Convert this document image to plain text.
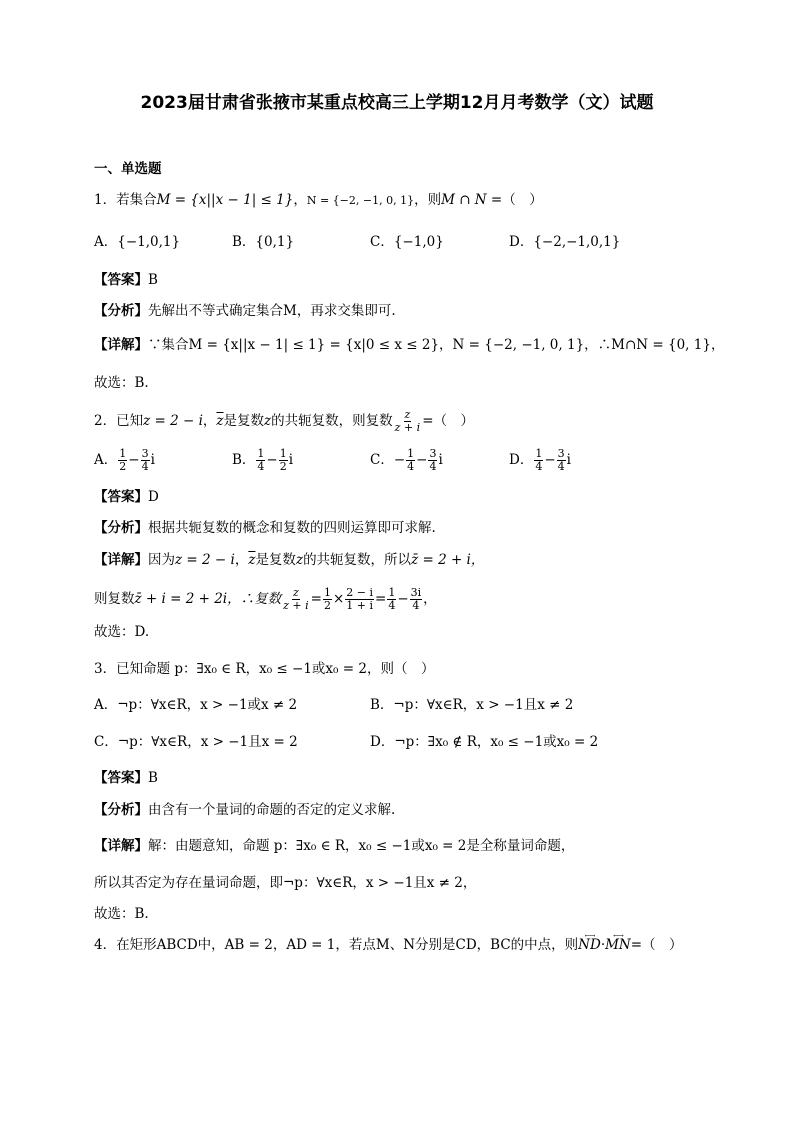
2023届甘肃省张掖市某重点校高三上学期12月月考数学（文）试题
一、单选题
1．若集合M = {x||x − 1| ≤ 1}，N = {−2, −1, 0, 1}，则M ∩ N =（　）
A．{−1,0,1}	B．{0,1}	C．{−1,0}	D．{−2,−1,0,1}
【答案】B
【分析】先解出不等式确定集合M，再求交集即可.
【详解】∵集合M = {x||x − 1| ≤ 1} = {x|0 ≤ x ≤ 2}，N = {−2, −1, 0, 1}，∴M∩N = {0, 1}，
故选：B.
2．已知z = 2 − i，$\overline{z}$是复数z的共轭复数，则复数 $\frac{z}{z + i}$ =（　）
A． $\frac{1}{2} - \frac{3}{4}$ i	B． $\frac{1}{4} - \frac{1}{2}$ i	C．− $\frac{1}{4} - \frac{3}{4}$ i	D． $\frac{1}{4} - \frac{3}{4}$ i
【答案】D
【分析】根据共轭复数的概念和复数的四则运算即可求解.
【详解】因为z = 2 − i，$\overline{z}$是复数z的共轭复数，所以z̄ = 2 + i，
则复数z̄ + i = 2 + 2i，∴复数 $\frac{z}{z + i} = \frac{1}{2} \times \frac{2 - i}{1 + i} = \frac{1}{4} - \frac{3i}{4}$ ，
故选：D.
3．已知命题 p：∃x₀ ∈ R，x₀ ≤ −1或x₀ = 2，则（　）
A．¬p：∀x∈R，x > −1或x ≠ 2	B．¬p：∀x∈R，x > −1且x ≠ 2
C．¬p：∀x∈R，x > −1且x = 2	D．¬p：∃x₀ ∉ R，x₀ ≤ −1或x₀ = 2
【答案】B
【分析】由含有一个量词的命题的否定的定义求解.
【详解】解：由题意知，命题 p：∃x₀ ∈ R，x₀ ≤ −1或x₀ = 2是全称量词命题，
所以其否定为存在量词命题，即¬p：∀x∈R，x > −1且x ≠ 2，
故选：B.
4．在矩形ABCD中，AB = 2，AD = 1，若点M、N分别是CD，BC的中点，则←→ ND·←→ MN=（　）
